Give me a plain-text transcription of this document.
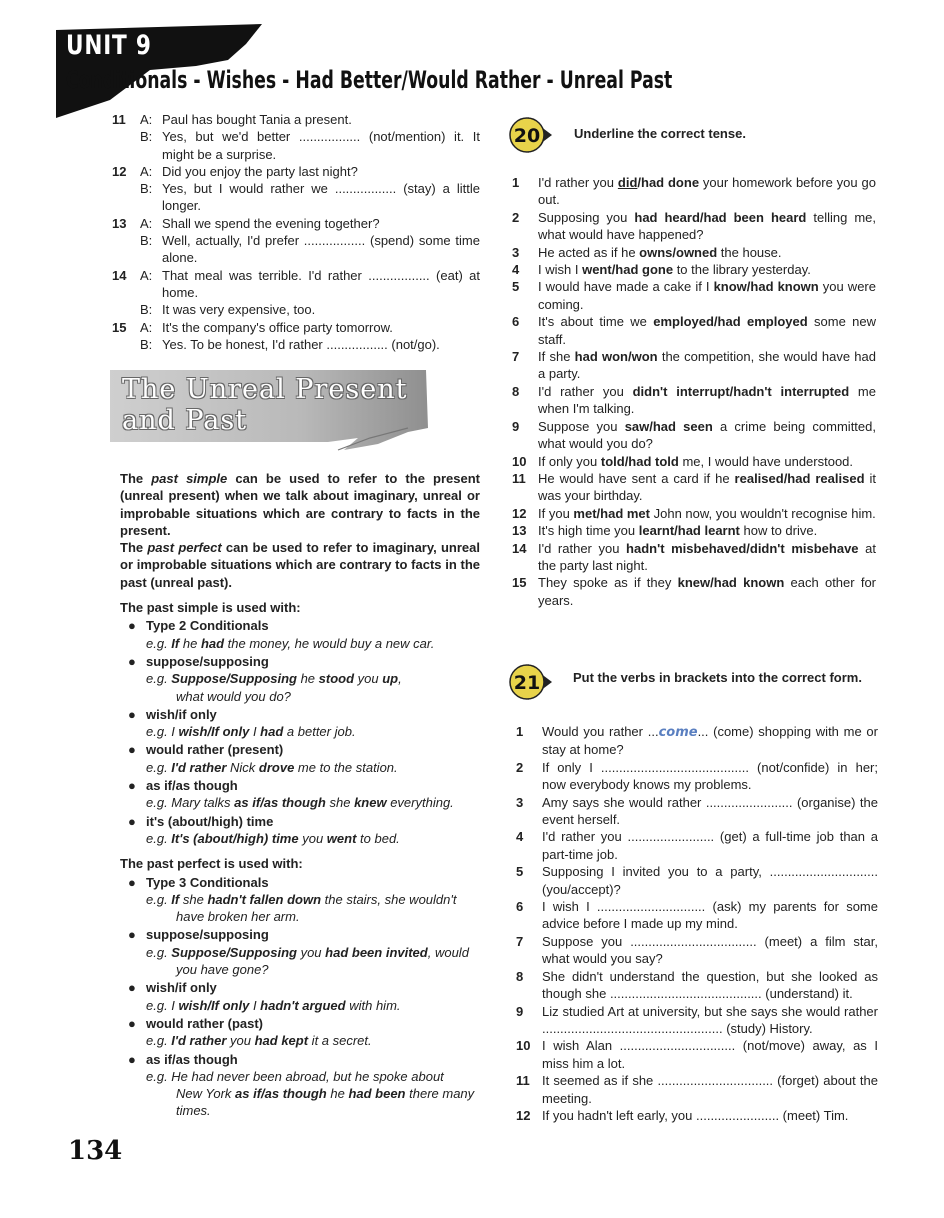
UNIT 9
Conditionals - Wishes - Had Better/Would Rather - Unreal Past
11	A: Paul has bought Tania a present.
B: Yes, but we'd better ................. (not/mention) it. It might be a surprise.
12	A: Did you enjoy the party last night?
B: Yes, but I would rather we ................. (stay) a little longer.
13	A: Shall we spend the evening together?
B: Well, actually, I'd prefer ................. (spend) some time alone.
14	A: That meal was terrible. I'd rather ................. (eat) at home.
B: It was very expensive, too.
15	A: It's the company's office party tomorrow.
B: Yes. To be honest, I'd rather ................. (not/go).
The Unreal Present
and Past
The past simple can be used to refer to the present (unreal present) when we talk about imaginary, unreal or improbable situations which are contrary to facts in the present.
The past perfect can be used to refer to imaginary, unreal or improbable situations which are contrary to facts in the past (unreal past).
The past simple is used with:
● Type 2 Conditionals
e.g. If he had the money, he would buy a new car.
● suppose/supposing
e.g. Suppose/Supposing he stood you up,
what would you do?
● wish/if only
e.g. I wish/If only I had a better job.
● would rather (present)
e.g. I'd rather Nick drove me to the station.
● as if/as though
e.g. Mary talks as if/as though she knew everything.
● it's (about/high) time
e.g. It's (about/high) time you went to bed.
The past perfect is used with:
● Type 3 Conditionals
e.g. If she hadn't fallen down the stairs, she wouldn't
have broken her arm.
● suppose/supposing
e.g. Suppose/Supposing you had been invited, would
you have gone?
● wish/if only
e.g. I wish/If only I hadn't argued with him.
● would rather (past)
e.g. I'd rather you had kept it a secret.
● as if/as though
e.g. He had never been abroad, but he spoke about
New York as if/as though he had been there many
times.
20	Underline the correct tense.
1	I'd rather you did/had done your homework before you go out.
2	Supposing you had heard/had been heard telling me, what would have happened?
3	He acted as if he owns/owned the house.
4	I wish I went/had gone to the library yesterday.
5	I would have made a cake if I know/had known you were coming.
6	It's about time we employed/had employed some new staff.
7	If she had won/won the competition, she would have had a party.
8	I'd rather you didn't interrupt/hadn't interrupted me when I'm talking.
9	Suppose you saw/had seen a crime being committed, what would you do?
10 If only you told/had told me, I would have understood.
11 He would have sent a card if he realised/had realised it was your birthday.
12 If you met/had met John now, you wouldn't recognise him.
13 It's high time you learnt/had learnt how to drive.
14 I'd rather you hadn't misbehaved/didn't misbehave at the party last night.
15 They spoke as if they knew/had known each other for years.
21	Put the verbs in brackets into the correct form.
1	Would you rather ...come... (come) shopping with me or stay at home?
2	If only I ......................................... (not/confide) in her; now everybody knows my problems.
3	Amy says she would rather ........................ (organise) the event herself.
4	I'd rather you ........................ (get) a full-time job than a part-time job.
5	Supposing I invited you to a party, .............................. (you/accept)?
6	I wish I .............................. (ask) my parents for some advice before I made up my mind.
7	Suppose you ................................... (meet) a film star, what would you say?
8	She didn't understand the question, but she looked as though she .......................................... (understand) it.
9	Liz studied Art at university, but she says she would rather .................................................. (study) History.
10 I wish Alan ................................ (not/move) away, as I miss him a lot.
11 It seemed as if she ................................ (forget) about the meeting.
12 If you hadn't left early, you ....................... (meet) Tim.
134
